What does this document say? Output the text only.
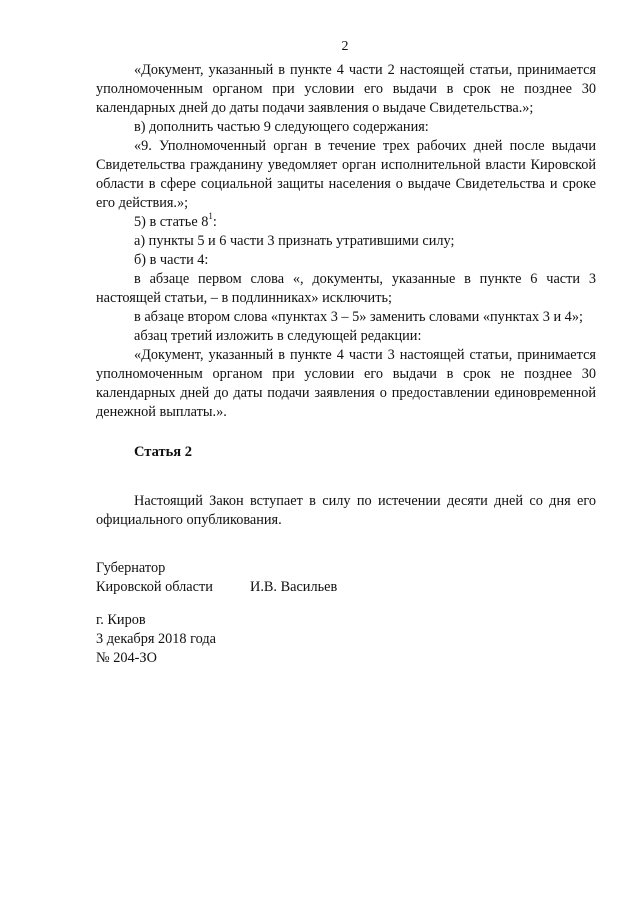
2

«Документ, указанный в пункте 4 части 2 настоящей статьи, принимается уполномоченным органом при условии его выдачи в срок не позднее 30 календарных дней до даты подачи заявления о выдаче Свидетельства.»;

в) дополнить частью 9 следующего содержания:

«9. Уполномоченный орган в течение трех рабочих дней после выдачи Свидетельства гражданину уведомляет орган исполнительной власти Кировской области в сфере социальной защиты населения о выдаче Свидетельства и сроке его действия.»;

5) в статье $8^1$:

а) пункты 5 и 6 части 3 признать утратившими силу;

б) в части 4:

в абзаце первом слова «, документы, указанные в пункте 6 части 3 настоящей статьи, – в подлинниках» исключить;

в абзаце втором слова «пунктах 3 – 5» заменить словами «пунктах 3 и 4»;

абзац третий изложить в следующей редакции:

«Документ, указанный в пункте 4 части 3 настоящей статьи, принимается уполномоченным органом при условии его выдачи в срок не позднее 30 календарных дней до даты подачи заявления о предоставлении единовременной денежной выплаты.».

Статья 2

Настоящий Закон вступает в силу по истечении десяти дней со дня его официального опубликования.

Губернатор
Кировской области	И.В. Васильев
г. Киров
3 декабря 2018 года
№ 204-ЗО
